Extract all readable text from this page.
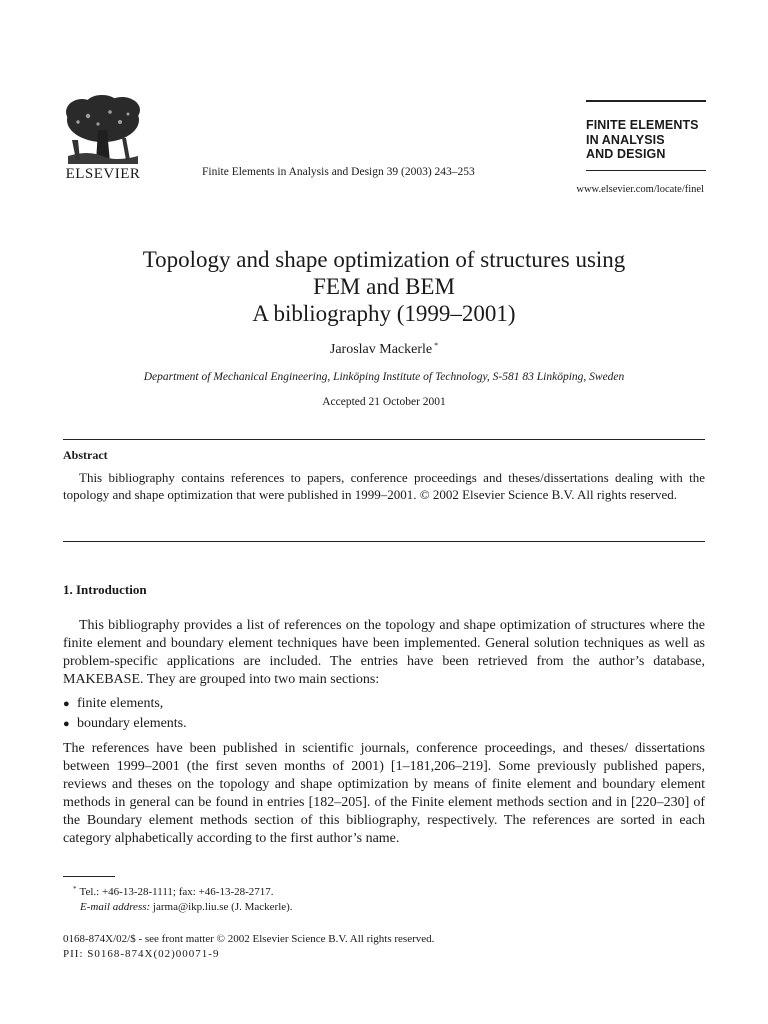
ELSEVIER	Finite Elements in Analysis and Design 39 (2003) 243–253
FINITE ELEMENTS
IN ANALYSIS
AND DESIGN
www.elsevier.com/locate/finel
Topology and shape optimization of structures using
FEM and BEM
A bibliography (1999–2001)
Jaroslav Mackerle *
Department of Mechanical Engineering, Linköping Institute of Technology, S-581 83 Linköping, Sweden
Accepted 21 October 2001
Abstract

This bibliography contains references to papers, conference proceedings and theses/dissertations dealing with the topology and shape optimization that were published in 1999–2001. © 2002 Elsevier Science B.V. All rights reserved.

1. Introduction

This bibliography provides a list of references on the topology and shape optimization of structures where the finite element and boundary element techniques have been implemented. General solution techniques as well as problem-specific applications are included. The entries have been retrieved from the author’s database, MAKEBASE. They are grouped into two main sections:

● finite elements,
● boundary elements.

The references have been published in scientific journals, conference proceedings, and theses/ dissertations between 1999–2001 (the first seven months of 2001) [1–181,206–219]. Some previously published papers, reviews and theses on the topology and shape optimization by means of finite element and boundary element methods in general can be found in entries [182–205]. of the Finite element methods section and in [220–230] of the Boundary element methods section of this bibliography, respectively. The references are sorted in each category alphabetically according to the first author’s name.

* Tel.: +46-13-28-1111; fax: +46-13-28-2717.
E-mail address: jarma@ikp.liu.se (J. Mackerle).
0168-874X/02/$ - see front matter © 2002 Elsevier Science B.V. All rights reserved.
PII: S0168-874X(02)00071-9
